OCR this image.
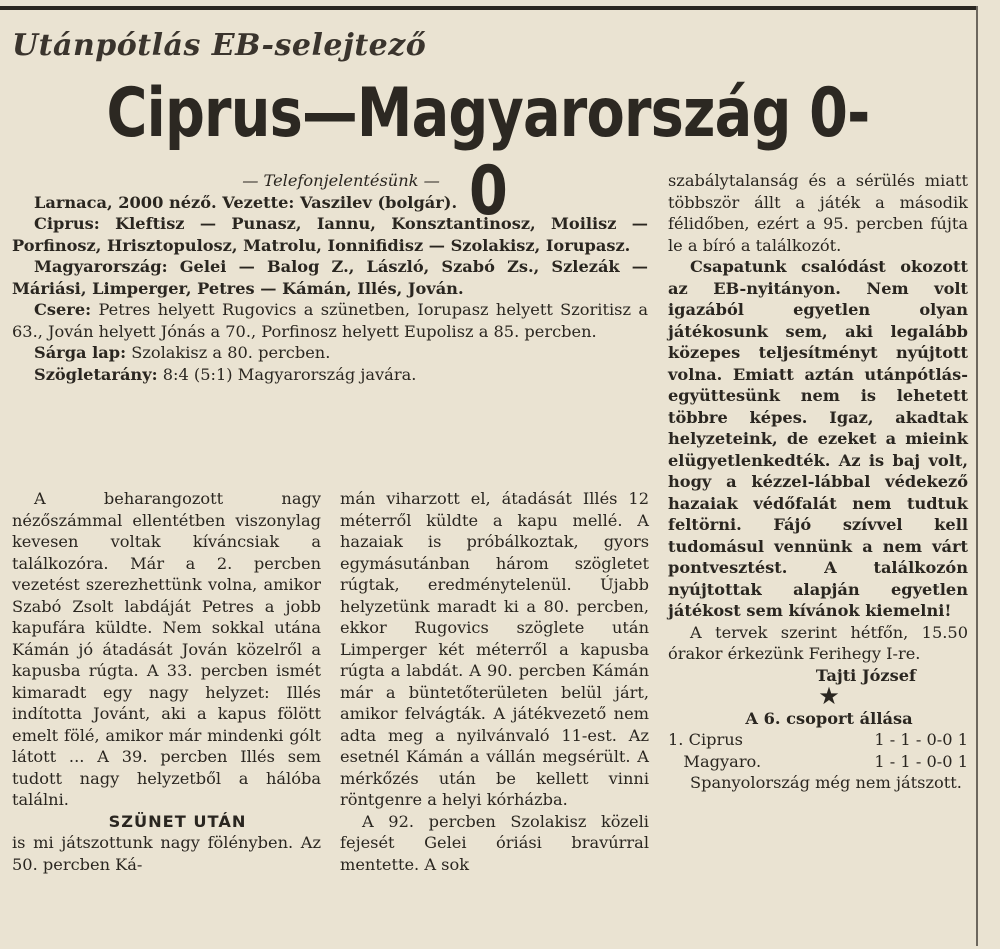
Utánpótlás EB-selejtező
Ciprus—Magyarország 0-0

— Telefonjelentésünk —

Larnaca, 2000 néző. Vezette: Vaszilev (bolgár).

Ciprus: Kleftisz — Punasz, Iannu, Konsztantinosz, Moilisz — Porfinosz, Hrisztopulosz, Matrolu, Ionnifidisz — Szolakisz, Iorupasz.

Magyarország: Gelei — Balog Z., László, Szabó Zs., Szlezák — Máriási, Limperger, Petres — Kámán, Illés, Jován.

Csere: Petres helyett Rugovics a szünetben, Iorupasz helyett Szoritisz a 63., Jován helyett Jónás a 70., Porfinosz helyett Eupolisz a 85. percben.

Sárga lap: Szolakisz a 80. percben.

Szögletarány: 8:4 (5:1) Magyarország javára.

A beharangozott nagy nézőszámmal ellentétben viszonylag kevesen voltak kíváncsiak a találkozóra. Már a 2. percben vezetést szerezhettünk volna, amikor Szabó Zsolt labdáját Petres a jobb kapufára küldte. Nem sokkal utána Kámán jó átadását Jován közelről a kapusba rúgta. A 33. percben ismét kimaradt egy nagy helyzet: Illés indította Jovánt, aki a kapus fölött emelt fölé, amikor már mindenki gólt látott ... A 39. percben Illés sem tudott nagy helyzetből a hálóba találni.

SZÜNET UTÁN

is mi játszottunk nagy fölényben. Az 50. percben Ká-

mán viharzott el, átadását Illés 12 méterről küldte a kapu mellé. A hazaiak is próbálkoztak, gyors egymásutánban három szögletet rúgtak, eredménytelenül. Újabb helyzetünk maradt ki a 80. percben, ekkor Rugovics szöglete után Limperger két méterről a kapusba rúgta a labdát. A 90. percben Kámán már a büntetőterületen belül járt, amikor felvágták. A játékvezető nem adta meg a nyilvánvaló 11-est. Az esetnél Kámán a vállán megsérült. A mérkőzés után be kellett vinni röntgenre a helyi kórházba.

A 92. percben Szolakisz közeli fejesét Gelei óriási bravúrral mentette. A sok

szabálytalanság és a sérülés miatt többször állt a játék a második félidőben, ezért a 95. percben fújta le a bíró a találkozót.

Csapatunk csalódást okozott az EB-nyitányon. Nem volt igazából egyetlen olyan játékosunk sem, aki legalább közepes teljesítményt nyújtott volna. Emiatt aztán utánpótlás-együttesünk nem is lehetett többre képes. Igaz, akadtak helyzeteink, de ezeket a mieink elügyetlenkedték. Az is baj volt, hogy a kézzel-lábbal védekező hazaiak védőfalát nem tudtuk feltörni. Fájó szívvel kell tudomásul vennünk a nem várt pontvesztést. A találkozón nyújtottak alapján egyetlen játékost sem kívánok kiemelni!

A tervek szerint hétfőn, 15.50 órakor érkezünk Ferihegy I-re.

Tajti József

★

A 6. csoport állása

1. Ciprus	1 - 1 - 0-0 1
Magyaro.	1 - 1 - 0-0 1

Spanyolország még nem játszott.
